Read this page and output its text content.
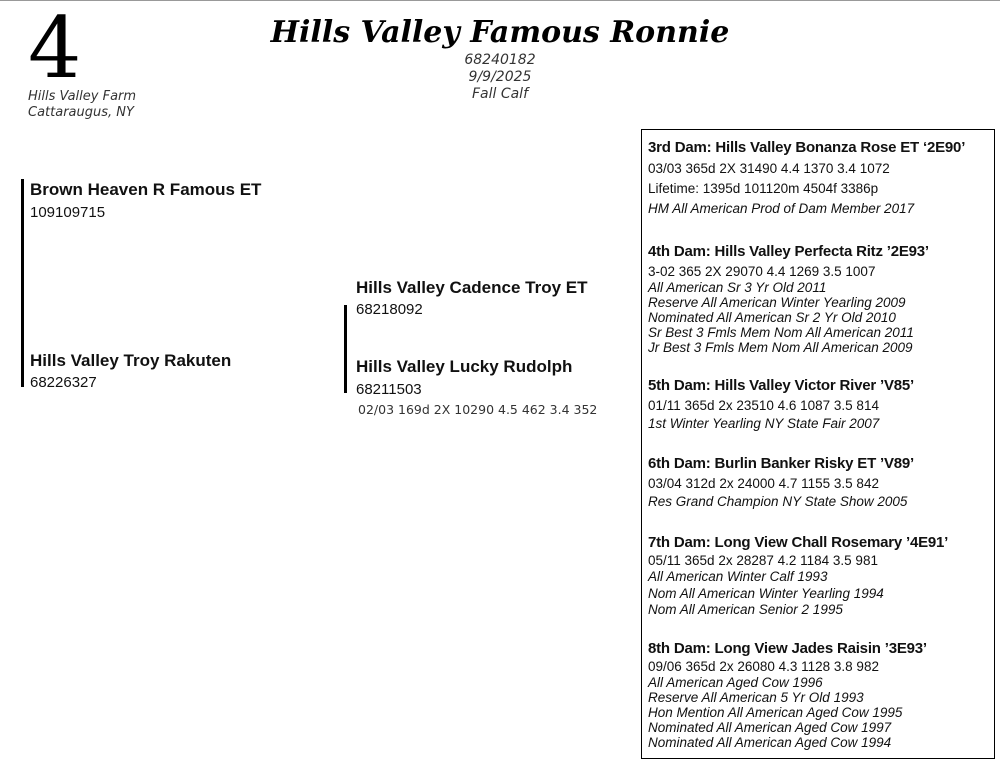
4
Hills Valley Farm
Cattaraugus, NY
Hills Valley Famous Ronnie
68240182
9/9/2025
Fall Calf
Brown Heaven R Famous ET
109109715
Hills Valley Troy Rakuten
68226327
Hills Valley Cadence Troy ET
68218092
Hills Valley Lucky Rudolph
68211503
02/03 169d 2X 10290 4.5 462 3.4 352
3rd Dam: Hills Valley Bonanza Rose ET ‘2E90’
03/03 365d 2X 31490 4.4 1370 3.4 1072
Lifetime: 1395d 101120m 4504f 3386p
HM All American Prod of Dam Member 2017
4th Dam: Hills Valley Perfecta Ritz ’2E93’
3-02 365 2X 29070 4.4 1269 3.5 1007
All American Sr 3 Yr Old 2011
Reserve All American Winter Yearling 2009
Nominated All American Sr 2 Yr Old 2010
Sr Best 3 Fmls Mem Nom All American 2011
Jr Best 3 Fmls Mem Nom All American 2009
5th Dam: Hills Valley Victor River ’V85’
01/11 365d 2x 23510 4.6 1087 3.5 814
1st Winter Yearling NY State Fair 2007
6th Dam: Burlin Banker Risky ET ’V89’
03/04 312d 2x 24000 4.7 1155 3.5 842
Res Grand Champion NY State Show 2005
7th Dam: Long View Chall Rosemary ’4E91’
05/11 365d 2x 28287 4.2 1184 3.5 981
All American Winter Calf 1993
Nom All American Winter Yearling 1994
Nom All American Senior 2 1995
8th Dam: Long View Jades Raisin ’3E93’
09/06 365d 2x 26080 4.3 1128 3.8 982
All American Aged Cow 1996
Reserve All American 5 Yr Old 1993
Hon Mention All American Aged Cow 1995
Nominated All American Aged Cow 1997
Nominated All American Aged Cow 1994
